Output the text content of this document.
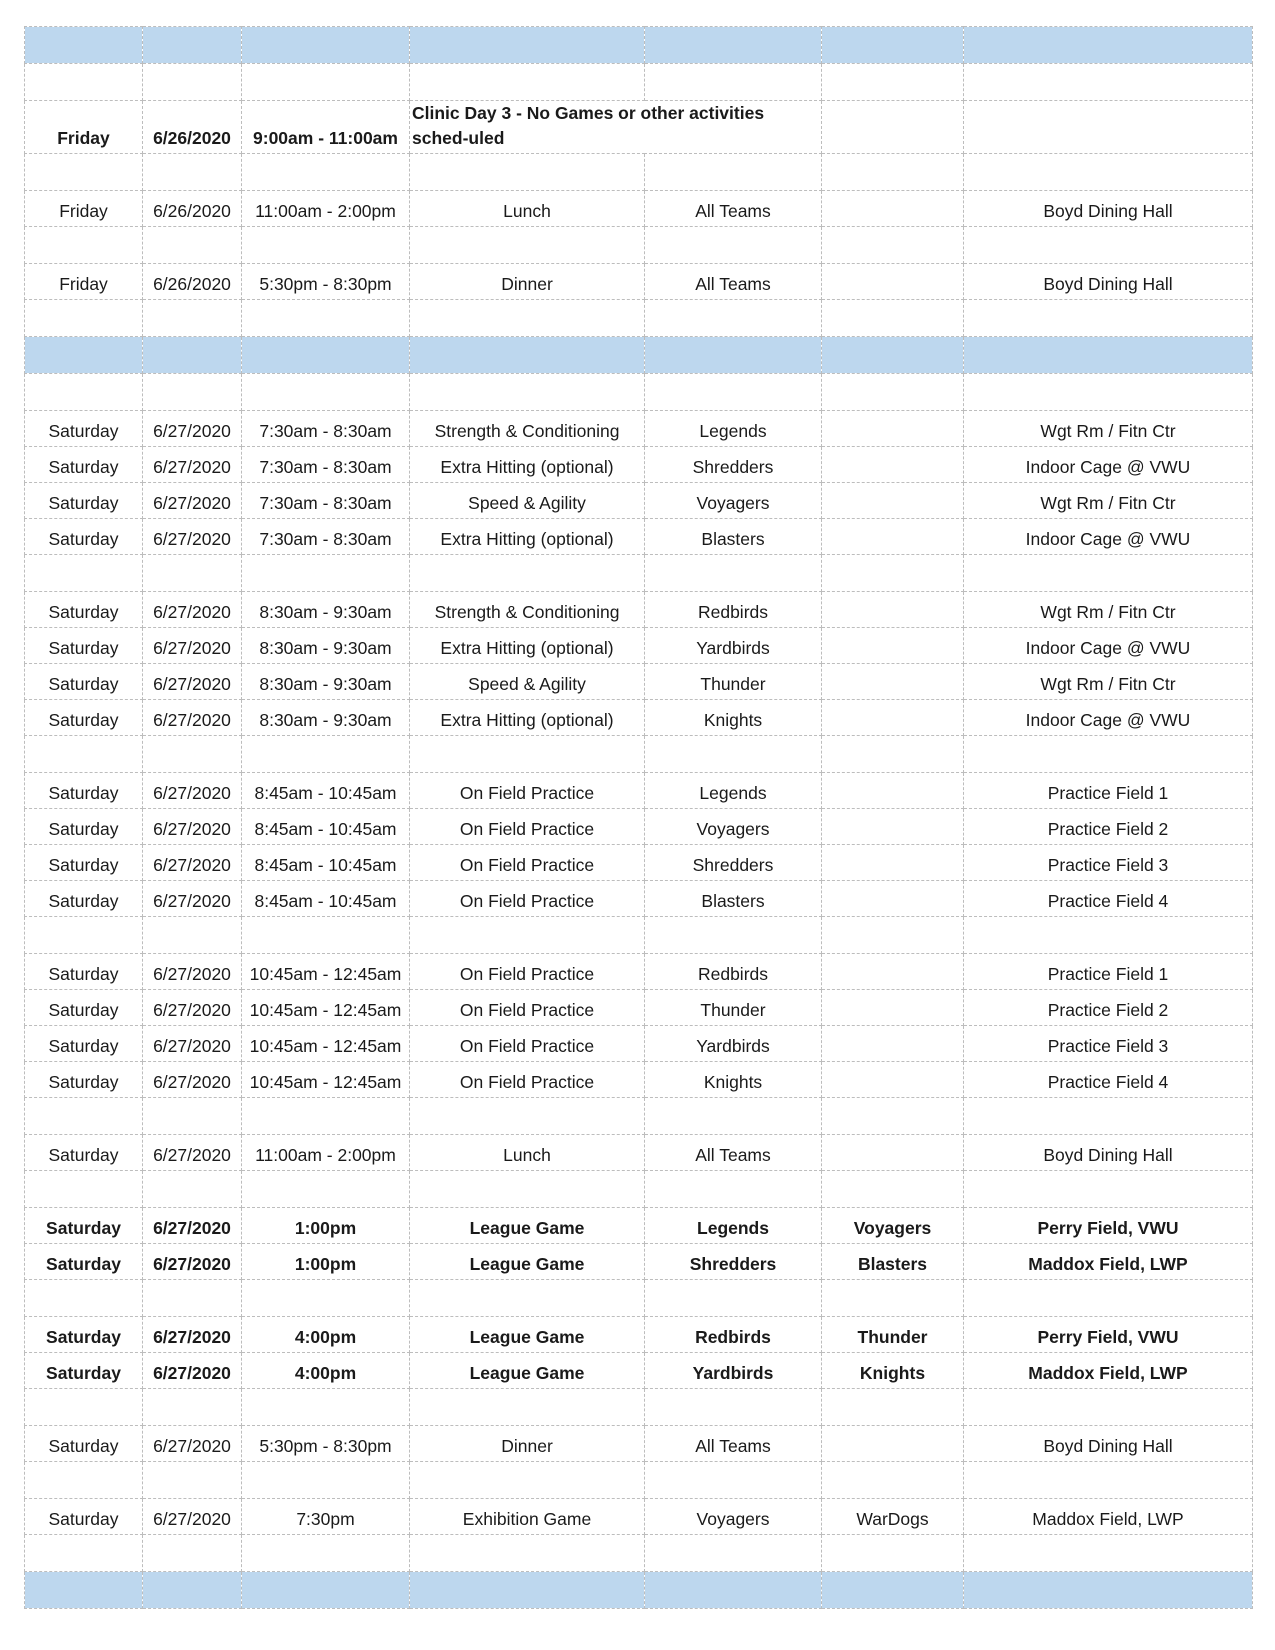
Friday	6/26/2020	9:00am - 11:00am	Clinic Day 3 - No Games or other activities sched-uled			

Friday	6/26/2020	11:00am - 2:00pm	Lunch	All Teams		Boyd Dining Hall

Friday	6/26/2020	5:30pm - 8:30pm	Dinner	All Teams		Boyd Dining Hall

Saturday	6/27/2020	7:30am - 8:30am	Strength & Conditioning	Legends		Wgt Rm / Fitn Ctr
Saturday	6/27/2020	7:30am - 8:30am	Extra Hitting (optional)	Shredders		Indoor Cage @ VWU
Saturday	6/27/2020	7:30am - 8:30am	Speed & Agility	Voyagers		Wgt Rm / Fitn Ctr
Saturday	6/27/2020	7:30am - 8:30am	Extra Hitting (optional)	Blasters		Indoor Cage @ VWU

Saturday	6/27/2020	8:30am - 9:30am	Strength & Conditioning	Redbirds		Wgt Rm / Fitn Ctr
Saturday	6/27/2020	8:30am - 9:30am	Extra Hitting (optional)	Yardbirds		Indoor Cage @ VWU
Saturday	6/27/2020	8:30am - 9:30am	Speed & Agility	Thunder		Wgt Rm / Fitn Ctr
Saturday	6/27/2020	8:30am - 9:30am	Extra Hitting (optional)	Knights		Indoor Cage @ VWU

Saturday	6/27/2020	8:45am - 10:45am	On Field Practice	Legends		Practice Field 1
Saturday	6/27/2020	8:45am - 10:45am	On Field Practice	Voyagers		Practice Field 2
Saturday	6/27/2020	8:45am - 10:45am	On Field Practice	Shredders		Practice Field 3
Saturday	6/27/2020	8:45am - 10:45am	On Field Practice	Blasters		Practice Field 4

Saturday	6/27/2020	10:45am - 12:45am	On Field Practice	Redbirds		Practice Field 1
Saturday	6/27/2020	10:45am - 12:45am	On Field Practice	Thunder		Practice Field 2
Saturday	6/27/2020	10:45am - 12:45am	On Field Practice	Yardbirds		Practice Field 3
Saturday	6/27/2020	10:45am - 12:45am	On Field Practice	Knights		Practice Field 4

Saturday	6/27/2020	11:00am - 2:00pm	Lunch	All Teams		Boyd Dining Hall

Saturday	6/27/2020	1:00pm	League Game	Legends	Voyagers	Perry Field, VWU
Saturday	6/27/2020	1:00pm	League Game	Shredders	Blasters	Maddox Field, LWP

Saturday	6/27/2020	4:00pm	League Game	Redbirds	Thunder	Perry Field, VWU
Saturday	6/27/2020	4:00pm	League Game	Yardbirds	Knights	Maddox Field, LWP

Saturday	6/27/2020	5:30pm - 8:30pm	Dinner	All Teams		Boyd Dining Hall

Saturday	6/27/2020	7:30pm	Exhibition Game	Voyagers	WarDogs	Maddox Field, LWP
